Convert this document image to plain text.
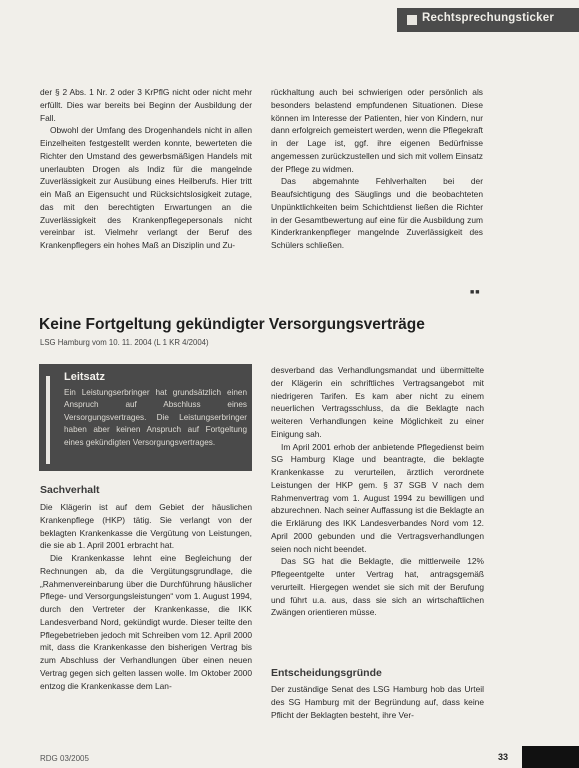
Rechtsprechungsticker

der § 2 Abs. 1 Nr. 2 oder 3 KrPflG nicht oder nicht mehr erfüllt. Dies war bereits bei Beginn der Ausbildung der Fall.

Obwohl der Umfang des Drogenhandels nicht in allen Einzelheiten festgestellt werden konnte, bewerteten die Richter den Umstand des gewerbsmäßigen Handels mit unerlaubten Drogen als Indiz für die mangelnde Zuverlässigkeit zur Ausübung eines Heilberufs. Hier tritt ein Maß an Eigensucht und Rücksichtslosigkeit zutage, das mit den berechtigten Erwartungen an die Zuverlässigkeit des Krankenpflegepersonals nicht vereinbar ist. Vielmehr verlangt der Beruf des Krankenpflegers ein hohes Maß an Disziplin und Zu-

rückhaltung auch bei schwierigen oder persönlich als besonders belastend empfundenen Situationen. Diese können im Interesse der Patienten, hier von Kindern, nur dann erfolgreich gemeistert werden, wenn die Pflegekraft in der Lage ist, ggf. ihre eigenen Bedürfnisse angemessen zurückzustellen und sich mit vollem Einsatz der Pflege zu widmen.

Das abgemahnte Fehlverhalten bei der Beaufsichtigung des Säuglings und die beobachteten Unpünktlichkeiten beim Schichtdienst ließen die Richter in der Gesamtbewertung auf eine für die Ausbildung zum Kinderkrankenpfleger mangelnde Zuverlässigkeit des Schülers schließen.

■■
Keine Fortgeltung gekündigter Versorgungsverträge
LSG Hamburg vom 10. 11. 2004 (L 1 KR 4/2004)
Leitsatz
Ein Leistungserbringer hat grundsätzlich einen Anspruch auf Abschluss eines Versorgungsvertrages. Die Leistungserbringer haben aber keinen Anspruch auf Fortgeltung eines gekündigten Versorgungsvertrages.
Sachverhalt

Die Klägerin ist auf dem Gebiet der häuslichen Krankenpflege (HKP) tätig. Sie verlangt von der beklagten Krankenkasse die Vergütung von Leistungen, die sie ab 1. April 2001 erbracht hat.

Die Krankenkasse lehnt eine Begleichung der Rechnungen ab, da die Vergütungsgrundlage, die „Rahmenvereinbarung über die Durchführung häuslicher Pflege- und Versorgungsleistungen“ vom 1. August 1994, durch den Vertreter der Krankenkasse, die IKK Landesverband Nord, gekündigt wurde. Dieser teilte den Pflegebetrieben jedoch mit Schreiben vom 12. April 2000 mit, dass die Krankenkasse den bisherigen Vertrag bis zum Abschluss der Verhandlungen über einen neuen Vertrag gegen sich gelten lassen wolle. Im Oktober 2000 entzog die Krankenkasse dem Lan-

desverband das Verhandlungsmandat und übermittelte der Klägerin ein schriftliches Vertragsangebot mit niedrigeren Tarifen. Es kam aber nicht zu einem neuerlichen Vertragsschluss, da die Beklagte nach weiteren Verhandlungen keine Möglichkeit zu einer Einigung sah.

Im April 2001 erhob der anbietende Pflegedienst beim SG Hamburg Klage und beantragte, die beklagte Krankenkasse zu verurteilen, ärztlich verordnete Leistungen der HKP gem. § 37 SGB V nach dem Rahmenvertrag vom 1. August 1994 zu bewilligen und abzurechnen. Nach seiner Auffassung ist die Beklagte an die Erklärung des IKK Landesverbandes Nord vom 12. April 2000 gebunden und die Vertragsverhandlungen seien noch nicht beendet.

Das SG hat die Beklagte, die mittlerweile 12% Pflegeentgelte unter Vertrag hat, antragsgemäß verurteilt. Hiergegen wendet sie sich mit der Berufung und führt u.a. aus, dass sie sich an wirtschaftlichen Zwängen orientieren müsse.

Entscheidungsgründe

Der zuständige Senat des LSG Hamburg hob das Urteil des SG Hamburg mit der Begründung auf, dass keine Pflicht der Beklagten besteht, ihre Ver-

RDG 03/2005	33
